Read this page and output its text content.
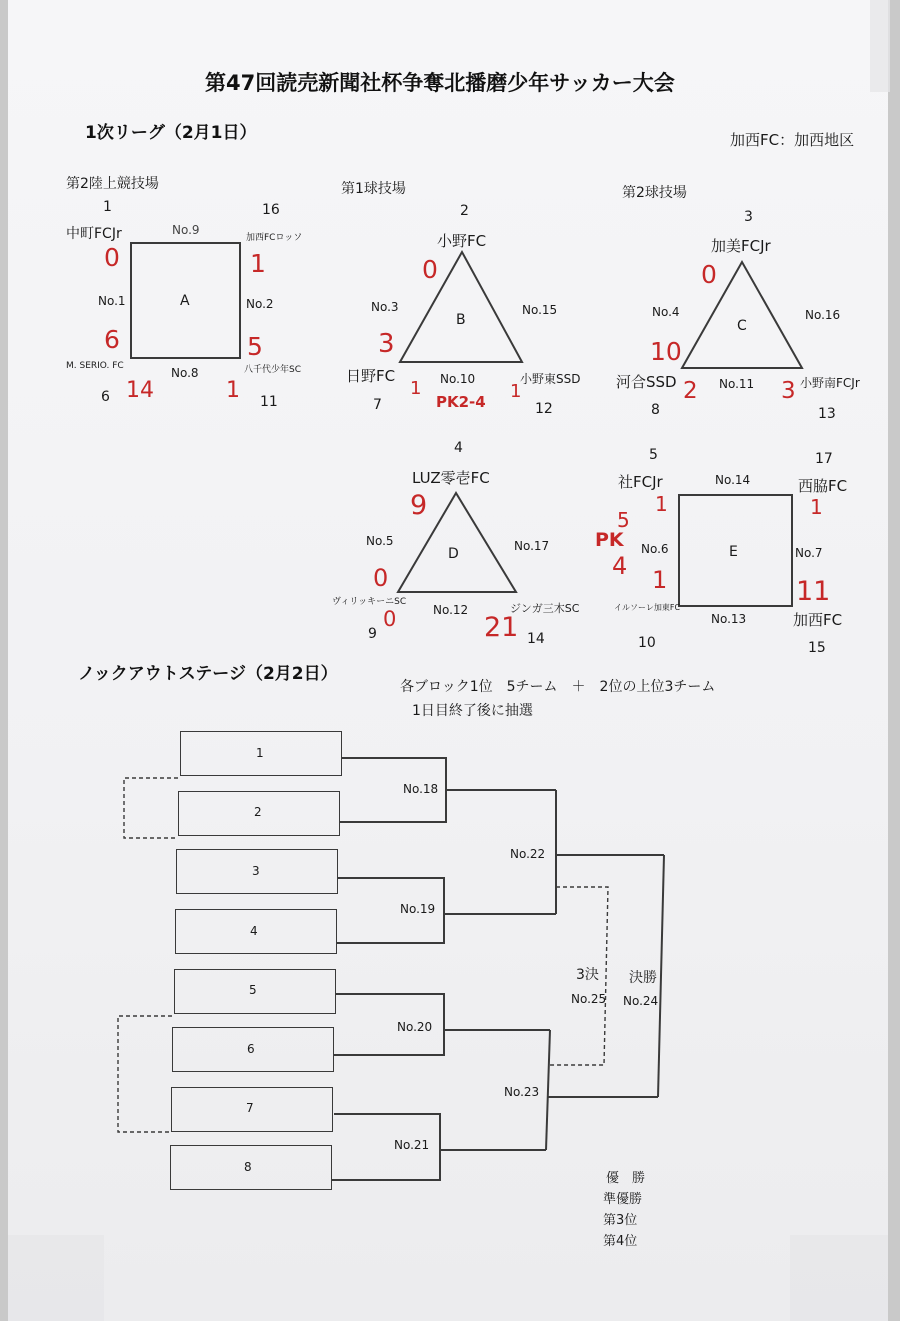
第47回読売新聞社杯争奪北播磨少年サッカー大会
1次リーグ（2月1日）	加西FC：加西地区
第2陸上競技場
A
1	16
中町FCJr	加西FCロッソ
No.9
No.1	No.2
No.8
M. SERIO. FC	八千代少年SC
6	11
0	1
6	5
14	1
第1球技場
2
小野FC
B
No.3	No.15
No.10
日野FC	小野東SSD
7	12
0
3
1	1
PK2-4
第2球技場
3
加美FCJr
C
No.4	No.16
No.11
河合SSD	小野南FCJr
8	13
0
10
2	3
4
LUZ零壱FC
D
No.5	No.17
No.12
ヴィリッキーニSC	ジンガ三木SC
9	14
9
0
0	21
5	17
社FCJr	西脇FC
No.14
E
No.6	No.7
No.13
イルソーレ加東FC
加西FC
10	15
1	1
1	11
PK
5
4
ノックアウトステージ（2月2日）
各ブロック1位　5チーム　＋　2位の上位3チーム
1日目終了後に抽選
1
2
3
4
5
6
7
8
No.18
No.19
No.20
No.21
No.22
No.23
3決
No.25
決勝
No.24
優　勝
準優勝
第3位
第4位
